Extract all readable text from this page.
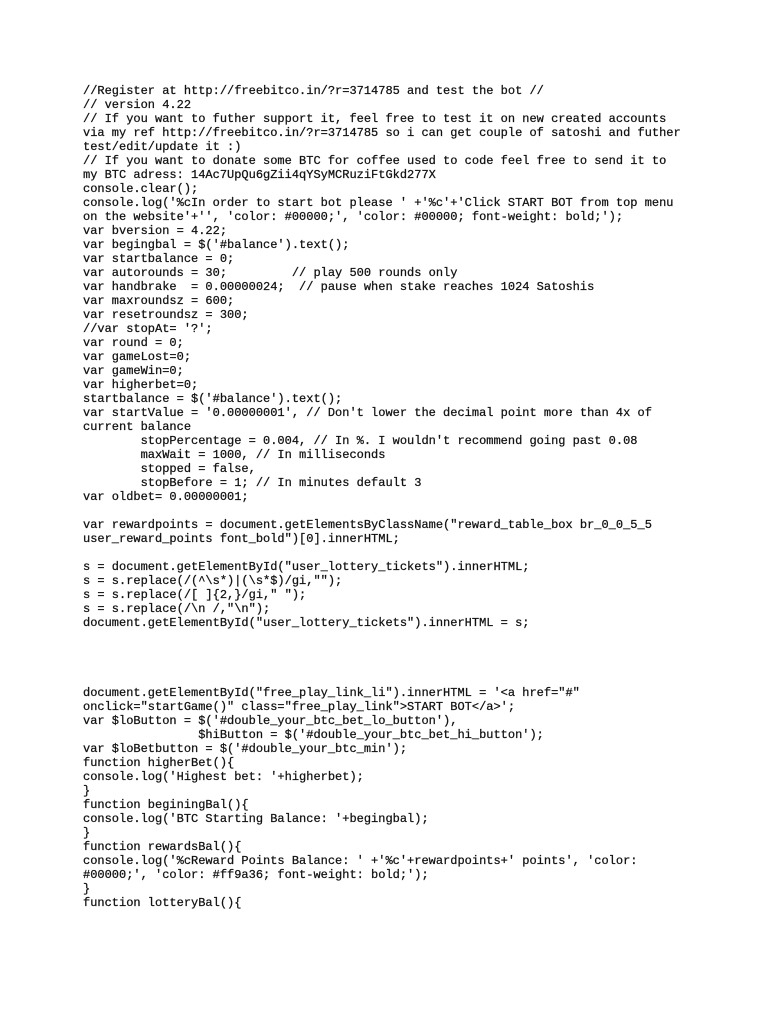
//Register at http://freebitco.in/?r=3714785 and test the bot //
// version 4.22
// If you want to futher support it, feel free to test it on new created accounts
via my ref http://freebitco.in/?r=3714785 so i can get couple of satoshi and futher
test/edit/update it :)
// If you want to donate some BTC for coffee used to code feel free to send it to
my BTC adress: 14Ac7UpQu6gZii4qYSyMCRuziFtGkd277X
console.clear();
console.log('%cIn order to start bot please ' +'%c'+'Click START BOT from top menu
on the website'+'', 'color: #00000;', 'color: #00000; font-weight: bold;');
var bversion = 4.22;
var begingbal = $('#balance').text();
var startbalance = 0;
var autorounds = 30;         // play 500 rounds only
var handbrake  = 0.00000024;  // pause when stake reaches 1024 Satoshis
var maxroundsz = 600;
var resetroundsz = 300;
//var stopAt= '?';
var round = 0;
var gameLost=0;
var gameWin=0;
var higherbet=0;
startbalance = $('#balance').text();
var startValue = '0.00000001', // Don't lower the decimal point more than 4x of
current balance
stopPercentage = 0.004, // In %. I wouldn't recommend going past 0.08
maxWait = 1000, // In milliseconds
stopped = false,
stopBefore = 1; // In minutes default 3
var oldbet= 0.00000001;
var rewardpoints = document.getElementsByClassName("reward_table_box br_0_0_5_5
user_reward_points font_bold")[0].innerHTML;
s = document.getElementById("user_lottery_tickets").innerHTML;
s = s.replace(/(^\s*)|(\s*$)/gi,"");
s = s.replace(/[ ]{2,}/gi," ");
s = s.replace(/\n /,"\n");
document.getElementById("user_lottery_tickets").innerHTML = s;
document.getElementById("free_play_link_li").innerHTML = '<a href="#"
onclick="startGame()" class="free_play_link">START BOT</a>';
var $loButton = $('#double_your_btc_bet_lo_button'),
$hiButton = $('#double_your_btc_bet_hi_button');
var $loBetbutton = $('#double_your_btc_min');
function higherBet(){
console.log('Highest bet: '+higherbet);
}
function beginingBal(){
console.log('BTC Starting Balance: '+begingbal);
}
function rewardsBal(){
console.log('%cReward Points Balance: ' +'%c'+rewardpoints+' points', 'color:
#00000;', 'color: #ff9a36; font-weight: bold;');
}
function lotteryBal(){
